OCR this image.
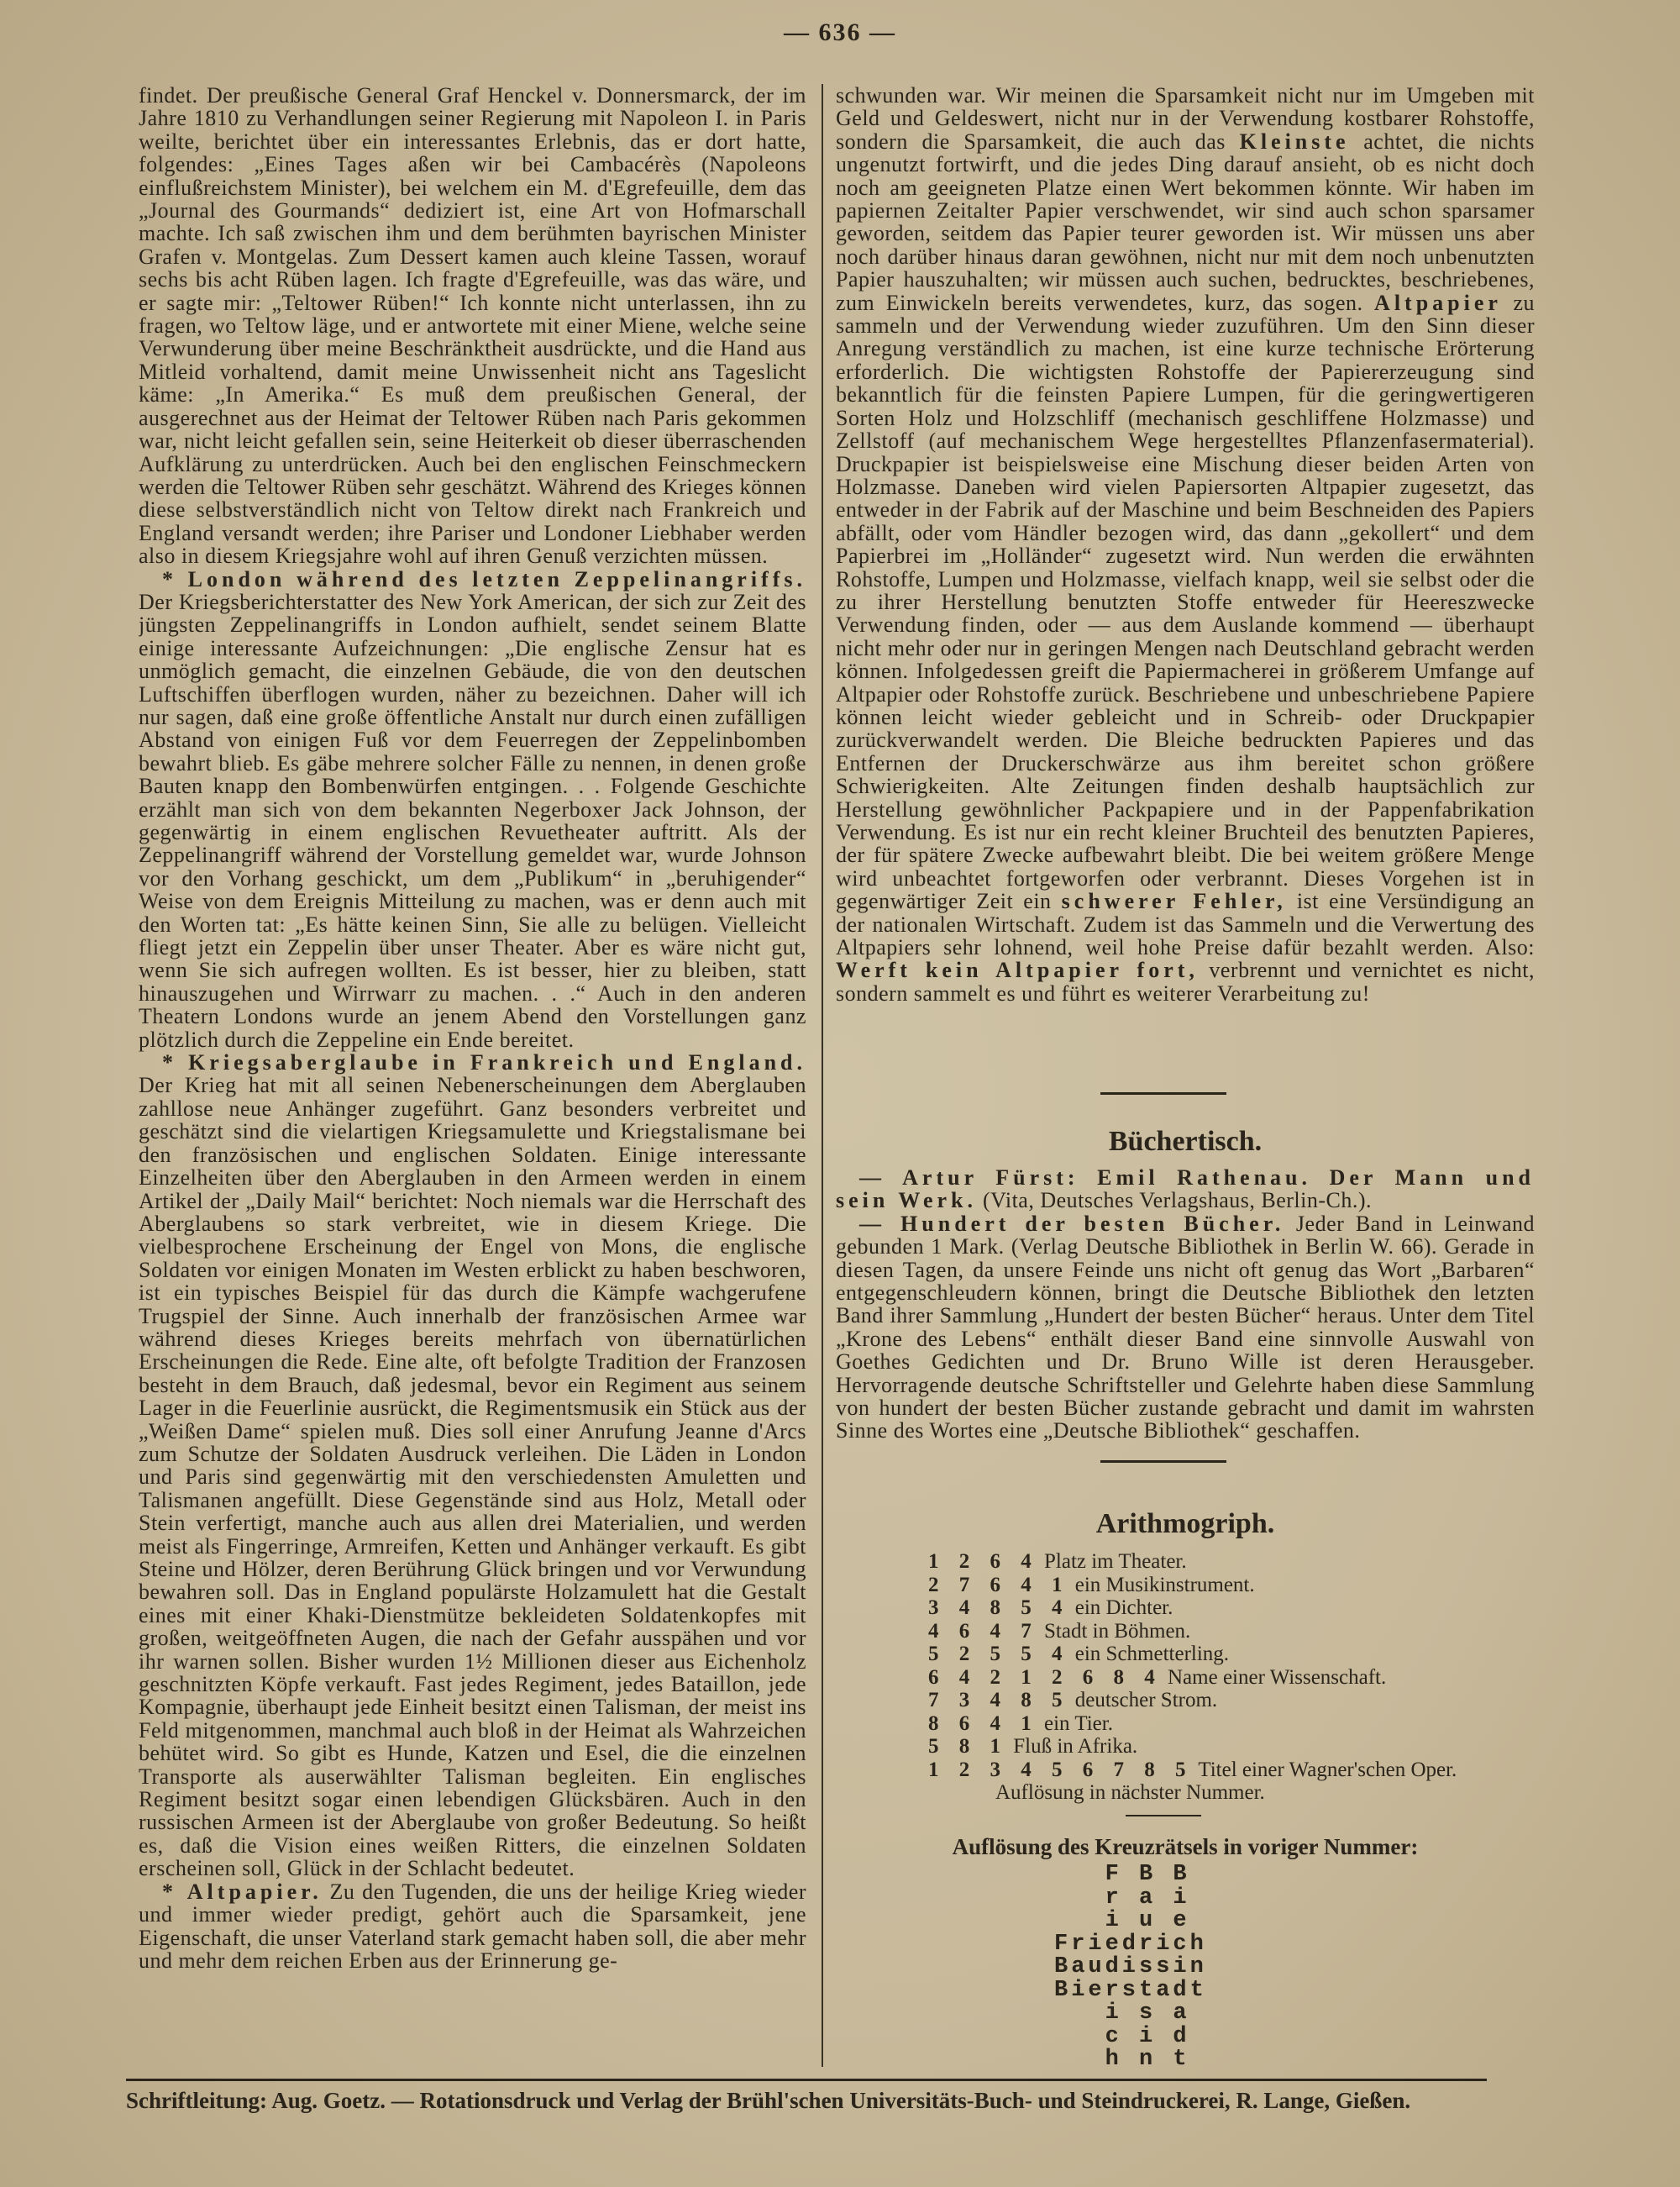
— 636 —

findet. Der preußische General Graf Henckel v. Donnersmarck, der im Jahre 1810 zu Verhandlungen seiner Regierung mit Napoleon I. in Paris weilte, berichtet über ein interessantes Erlebnis, das er dort hatte, folgendes: „Eines Tages aßen wir bei Cambacérès (Napoleons einflußreichstem Minister), bei welchem ein M. d'Egrefeuille, dem das „Journal des Gourmands“ dediziert ist, eine Art von Hofmarschall machte. Ich saß zwischen ihm und dem berühmten bayrischen Minister Grafen v. Montgelas. Zum Dessert kamen auch kleine Tassen, worauf sechs bis acht Rüben lagen. Ich fragte d'Egrefeuille, was das wäre, und er sagte mir: „Teltower Rüben!“ Ich konnte nicht unterlassen, ihn zu fragen, wo Teltow läge, und er antwortete mit einer Miene, welche seine Verwunderung über meine Beschränktheit ausdrückte, und die Hand aus Mitleid vorhaltend, damit meine Unwissenheit nicht ans Tageslicht käme: „In Amerika.“ Es muß dem preußischen General, der ausgerechnet aus der Heimat der Teltower Rüben nach Paris gekommen war, nicht leicht gefallen sein, seine Heiterkeit ob dieser überraschenden Aufklärung zu unterdrücken. Auch bei den englischen Feinschmeckern werden die Teltower Rüben sehr geschätzt. Während des Krieges können diese selbstverständlich nicht von Teltow direkt nach Frankreich und England versandt werden; ihre Pariser und Londoner Liebhaber werden also in diesem Kriegsjahre wohl auf ihren Genuß verzichten müssen.

* London während des letzten Zeppelinangriffs. Der Kriegsberichterstatter des New York American, der sich zur Zeit des jüngsten Zeppelinangriffs in London aufhielt, sendet seinem Blatte einige interessante Aufzeichnungen: „Die englische Zensur hat es unmöglich gemacht, die einzelnen Gebäude, die von den deutschen Luftschiffen überflogen wurden, näher zu bezeichnen. Daher will ich nur sagen, daß eine große öffentliche Anstalt nur durch einen zufälligen Abstand von einigen Fuß vor dem Feuerregen der Zeppelinbomben bewahrt blieb. Es gäbe mehrere solcher Fälle zu nennen, in denen große Bauten knapp den Bombenwürfen entgingen. . . Folgende Geschichte erzählt man sich von dem bekannten Negerboxer Jack Johnson, der gegenwärtig in einem englischen Revuetheater auftritt. Als der Zeppelinangriff während der Vorstellung gemeldet war, wurde Johnson vor den Vorhang geschickt, um dem „Publikum“ in „beruhigender“ Weise von dem Ereignis Mitteilung zu machen, was er denn auch mit den Worten tat: „Es hätte keinen Sinn, Sie alle zu belügen. Vielleicht fliegt jetzt ein Zeppelin über unser Theater. Aber es wäre nicht gut, wenn Sie sich aufregen wollten. Es ist besser, hier zu bleiben, statt hinauszugehen und Wirrwarr zu machen. . .“ Auch in den anderen Theatern Londons wurde an jenem Abend den Vorstellungen ganz plötzlich durch die Zeppeline ein Ende bereitet.

* Kriegsaberglaube in Frankreich und England. Der Krieg hat mit all seinen Nebenerscheinungen dem Aberglauben zahllose neue Anhänger zugeführt. Ganz besonders verbreitet und geschätzt sind die vielartigen Kriegsamulette und Kriegstalismane bei den französischen und englischen Soldaten. Einige interessante Einzelheiten über den Aberglauben in den Armeen werden in einem Artikel der „Daily Mail“ berichtet: Noch niemals war die Herrschaft des Aberglaubens so stark verbreitet, wie in diesem Kriege. Die vielbesprochene Erscheinung der Engel von Mons, die englische Soldaten vor einigen Monaten im Westen erblickt zu haben beschworen, ist ein typisches Beispiel für das durch die Kämpfe wachgerufene Trugspiel der Sinne. Auch innerhalb der französischen Armee war während dieses Krieges bereits mehrfach von übernatürlichen Erscheinungen die Rede. Eine alte, oft befolgte Tradition der Franzosen besteht in dem Brauch, daß jedesmal, bevor ein Regiment aus seinem Lager in die Feuerlinie ausrückt, die Regimentsmusik ein Stück aus der „Weißen Dame“ spielen muß. Dies soll einer Anrufung Jeanne d'Arcs zum Schutze der Soldaten Ausdruck verleihen. Die Läden in London und Paris sind gegenwärtig mit den verschiedensten Amuletten und Talismanen angefüllt. Diese Gegenstände sind aus Holz, Metall oder Stein verfertigt, manche auch aus allen drei Materialien, und werden meist als Fingerringe, Armreifen, Ketten und Anhänger verkauft. Es gibt Steine und Hölzer, deren Berührung Glück bringen und vor Verwundung bewahren soll. Das in England populärste Holzamulett hat die Gestalt eines mit einer Khaki-Dienstmütze bekleideten Soldatenkopfes mit großen, weitgeöffneten Augen, die nach der Gefahr ausspähen und vor ihr warnen sollen. Bisher wurden 1½ Millionen dieser aus Eichenholz geschnitzten Köpfe verkauft. Fast jedes Regiment, jedes Bataillon, jede Kompagnie, überhaupt jede Einheit besitzt einen Talisman, der meist ins Feld mitgenommen, manchmal auch bloß in der Heimat als Wahrzeichen behütet wird. So gibt es Hunde, Katzen und Esel, die die einzelnen Transporte als auserwählter Talisman begleiten. Ein englisches Regiment besitzt sogar einen lebendigen Glücksbären. Auch in den russischen Armeen ist der Aberglaube von großer Bedeutung. So heißt es, daß die Vision eines weißen Ritters, die einzelnen Soldaten erscheinen soll, Glück in der Schlacht bedeutet.

* Altpapier. Zu den Tugenden, die uns der heilige Krieg wieder und immer wieder predigt, gehört auch die Sparsamkeit, jene Eigenschaft, die unser Vaterland stark gemacht haben soll, die aber mehr und mehr dem reichen Erben aus der Erinnerung ge-

schwunden war. Wir meinen die Sparsamkeit nicht nur im Umgeben mit Geld und Geldeswert, nicht nur in der Verwendung kostbarer Rohstoffe, sondern die Sparsamkeit, die auch das Kleinste achtet, die nichts ungenutzt fortwirft, und die jedes Ding darauf ansieht, ob es nicht doch noch am geeigneten Platze einen Wert bekommen könnte. Wir haben im papiernen Zeitalter Papier verschwendet, wir sind auch schon sparsamer geworden, seitdem das Papier teurer geworden ist. Wir müssen uns aber noch darüber hinaus daran gewöhnen, nicht nur mit dem noch unbenutzten Papier hauszuhalten; wir müssen auch suchen, bedrucktes, beschriebenes, zum Einwickeln bereits verwendetes, kurz, das sogen. Altpapier zu sammeln und der Verwendung wieder zuzuführen. Um den Sinn dieser Anregung verständlich zu machen, ist eine kurze technische Erörterung erforderlich. Die wichtigsten Rohstoffe der Papiererzeugung sind bekanntlich für die feinsten Papiere Lumpen, für die geringwertigeren Sorten Holz und Holzschliff (mechanisch geschliffene Holzmasse) und Zellstoff (auf mechanischem Wege hergestelltes Pflanzenfasermaterial). Druckpapier ist beispielsweise eine Mischung dieser beiden Arten von Holzmasse. Daneben wird vielen Papiersorten Altpapier zugesetzt, das entweder in der Fabrik auf der Maschine und beim Beschneiden des Papiers abfällt, oder vom Händler bezogen wird, das dann „gekollert“ und dem Papierbrei im „Holländer“ zugesetzt wird. Nun werden die erwähnten Rohstoffe, Lumpen und Holzmasse, vielfach knapp, weil sie selbst oder die zu ihrer Herstellung benutzten Stoffe entweder für Heereszwecke Verwendung finden, oder — aus dem Auslande kommend — überhaupt nicht mehr oder nur in geringen Mengen nach Deutschland gebracht werden können. Infolgedessen greift die Papiermacherei in größerem Umfange auf Altpapier oder Rohstoffe zurück. Beschriebene und unbeschriebene Papiere können leicht wieder gebleicht und in Schreib- oder Druckpapier zurückverwandelt werden. Die Bleiche bedruckten Papieres und das Entfernen der Druckerschwärze aus ihm bereitet schon größere Schwierigkeiten. Alte Zeitungen finden deshalb hauptsächlich zur Herstellung gewöhnlicher Packpapiere und in der Pappenfabrikation Verwendung. Es ist nur ein recht kleiner Bruchteil des benutzten Papieres, der für spätere Zwecke aufbewahrt bleibt. Die bei weitem größere Menge wird unbeachtet fortgeworfen oder verbrannt. Dieses Vorgehen ist in gegenwärtiger Zeit ein schwerer Fehler, ist eine Versündigung an der nationalen Wirtschaft. Zudem ist das Sammeln und die Verwertung des Altpapiers sehr lohnend, weil hohe Preise dafür bezahlt werden. Also: Werft kein Altpapier fort, verbrennt und vernichtet es nicht, sondern sammelt es und führt es weiterer Verarbeitung zu!

Büchertisch.

— Artur Fürst: Emil Rathenau. Der Mann und sein Werk. (Vita, Deutsches Verlagshaus, Berlin-Ch.).

— Hundert der besten Bücher. Jeder Band in Leinwand gebunden 1 Mark. (Verlag Deutsche Bibliothek in Berlin W. 66). Gerade in diesen Tagen, da unsere Feinde uns nicht oft genug das Wort „Barbaren“ entgegenschleudern können, bringt die Deutsche Bibliothek den letzten Band ihrer Sammlung „Hundert der besten Bücher“ heraus. Unter dem Titel „Krone des Lebens“ enthält dieser Band eine sinnvolle Auswahl von Goethes Gedichten und Dr. Bruno Wille ist deren Herausgeber. Hervorragende deutsche Schriftsteller und Gelehrte haben diese Sammlung von hundert der besten Bücher zustande gebracht und damit im wahrsten Sinne des Wortes eine „Deutsche Bibliothek“ geschaffen.

Arithmogriph.
1 2 6 4 Platz im Theater.
2 7 6 4 1 ein Musikinstrument.
3 4 8 5 4 ein Dichter.
4 6 4 7 Stadt in Böhmen.
5 2 5 5 4 ein Schmetterling.
6 4 2 1 2 6 8 4 Name einer Wissenschaft.
7 3 4 8 5 deutscher Strom.
8 6 4 1 ein Tier.
5 8 1 Fluß in Afrika.
1 2 3 4 5 6 7 8 5 Titel einer Wagner'schen Oper.
Auflösung in nächster Nummer.
Auflösung des Kreuzrätsels in voriger Nummer:
F B B
r a i
i u e
Friedrich
Baudissin
Bierstadt
i s a
c i d
h n t
Schriftleitung: Aug. Goetz. — Rotationsdruck und Verlag der Brühl'schen Universitäts-Buch- und Steindruckerei, R. Lange, Gießen.
